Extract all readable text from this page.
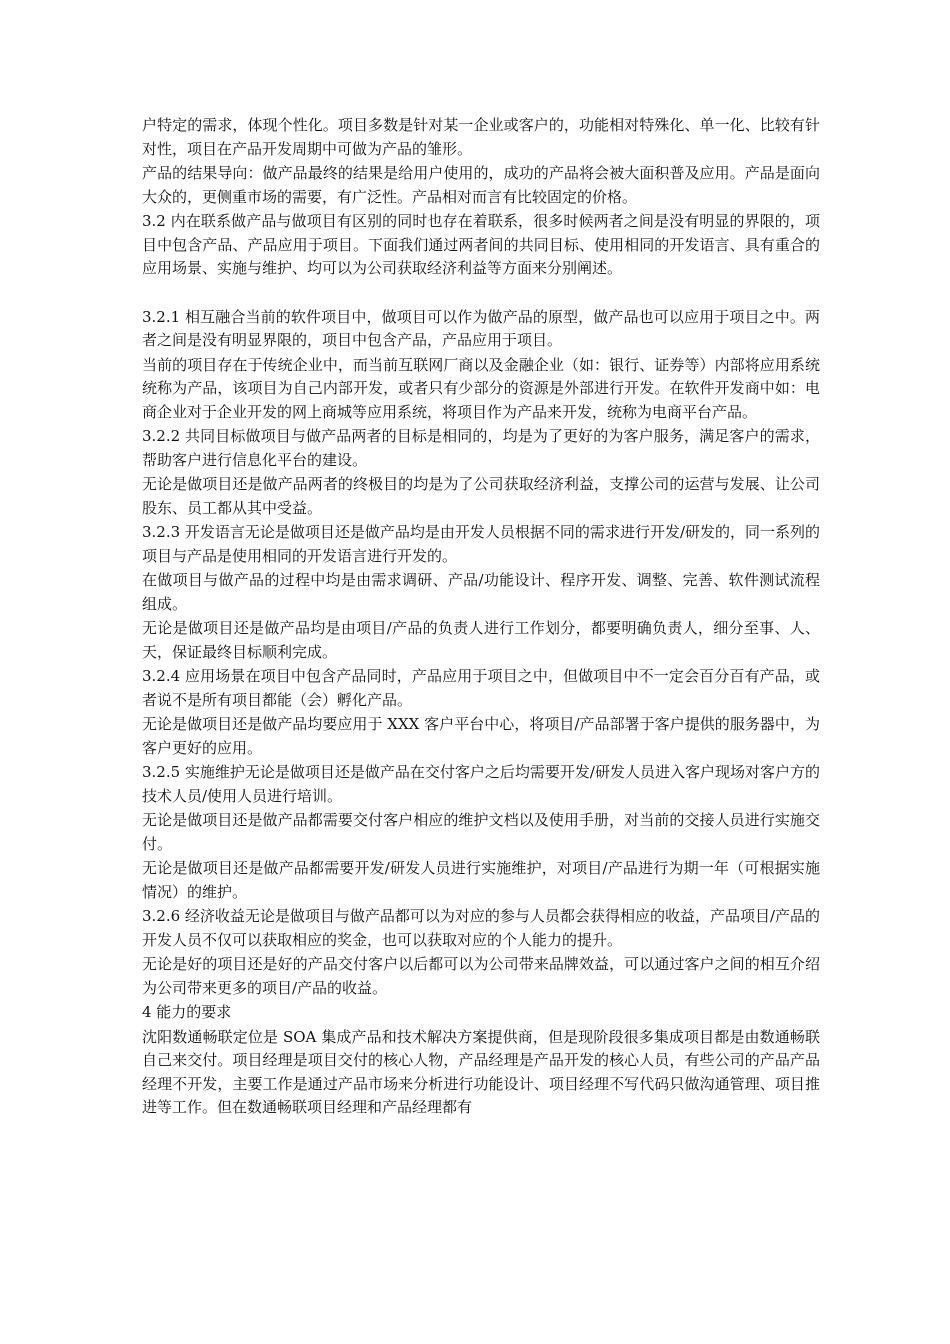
户特定的需求，体现个性化。项目多数是针对某一企业或客户的，功能相对特殊化、单一化、比较有针对性，项目在产品开发周期中可做为产品的雏形。

产品的结果导向：做产品最终的结果是给用户使用的，成功的产品将会被大面积普及应用。产品是面向大众的，更侧重市场的需要，有广泛性。产品相对而言有比较固定的价格。

3.2 内在联系做产品与做项目有区别的同时也存在着联系，很多时候两者之间是没有明显的界限的，项目中包含产品、产品应用于项目。下面我们通过两者间的共同目标、使用相同的开发语言、具有重合的应用场景、实施与维护、均可以为公司获取经济利益等方面来分别阐述。

3.2.1 相互融合当前的软件项目中，做项目可以作为做产品的原型，做产品也可以应用于项目之中。两者之间是没有明显界限的，项目中包含产品，产品应用于项目。

当前的项目存在于传统企业中，而当前互联网厂商以及金融企业（如：银行、证券等）内部将应用系统统称为产品，该项目为自己内部开发，或者只有少部分的资源是外部进行开发。在软件开发商中如：电商企业对于企业开发的网上商城等应用系统，将项目作为产品来开发，统称为电商平台产品。

3.2.2 共同目标做项目与做产品两者的目标是相同的，均是为了更好的为客户服务，满足客户的需求，帮助客户进行信息化平台的建设。

无论是做项目还是做产品两者的终极目的均是为了公司获取经济利益，支撑公司的运营与发展、让公司股东、员工都从其中受益。

3.2.3 开发语言无论是做项目还是做产品均是由开发人员根据不同的需求进行开发/研发的，同一系列的项目与产品是使用相同的开发语言进行开发的。

在做项目与做产品的过程中均是由需求调研、产品/功能设计、程序开发、调整、完善、软件测试流程组成。

无论是做项目还是做产品均是由项目/产品的负责人进行工作划分，都要明确负责人，细分至事、人、天，保证最终目标顺利完成。

3.2.4 应用场景在项目中包含产品同时，产品应用于项目之中，但做项目中不一定会百分百有产品，或者说不是所有项目都能（会）孵化产品。

无论是做项目还是做产品均要应用于 XXX 客户平台中心，将项目/产品部署于客户提供的服务器中，为客户更好的应用。

3.2.5 实施维护无论是做项目还是做产品在交付客户之后均需要开发/研发人员进入客户现场对客户方的技术人员/使用人员进行培训。

无论是做项目还是做产品都需要交付客户相应的维护文档以及使用手册，对当前的交接人员进行实施交付。

无论是做项目还是做产品都需要开发/研发人员进行实施维护，对项目/产品进行为期一年（可根据实施情况）的维护。

3.2.6 经济收益无论是做项目与做产品都可以为对应的参与人员都会获得相应的收益，产品项目/产品的开发人员不仅可以获取相应的奖金，也可以获取对应的个人能力的提升。

无论是好的项目还是好的产品交付客户以后都可以为公司带来品牌效益，可以通过客户之间的相互介绍为公司带来更多的项目/产品的收益。

4 能力的要求

沈阳数通畅联定位是 SOA 集成产品和技术解决方案提供商，但是现阶段很多集成项目都是由数通畅联自己来交付。项目经理是项目交付的核心人物，产品经理是产品开发的核心人员，有些公司的产品产品经理不开发，主要工作是通过产品市场来分析进行功能设计、项目经理不写代码只做沟通管理、项目推进等工作。但在数通畅联项目经理和产品经理都有
